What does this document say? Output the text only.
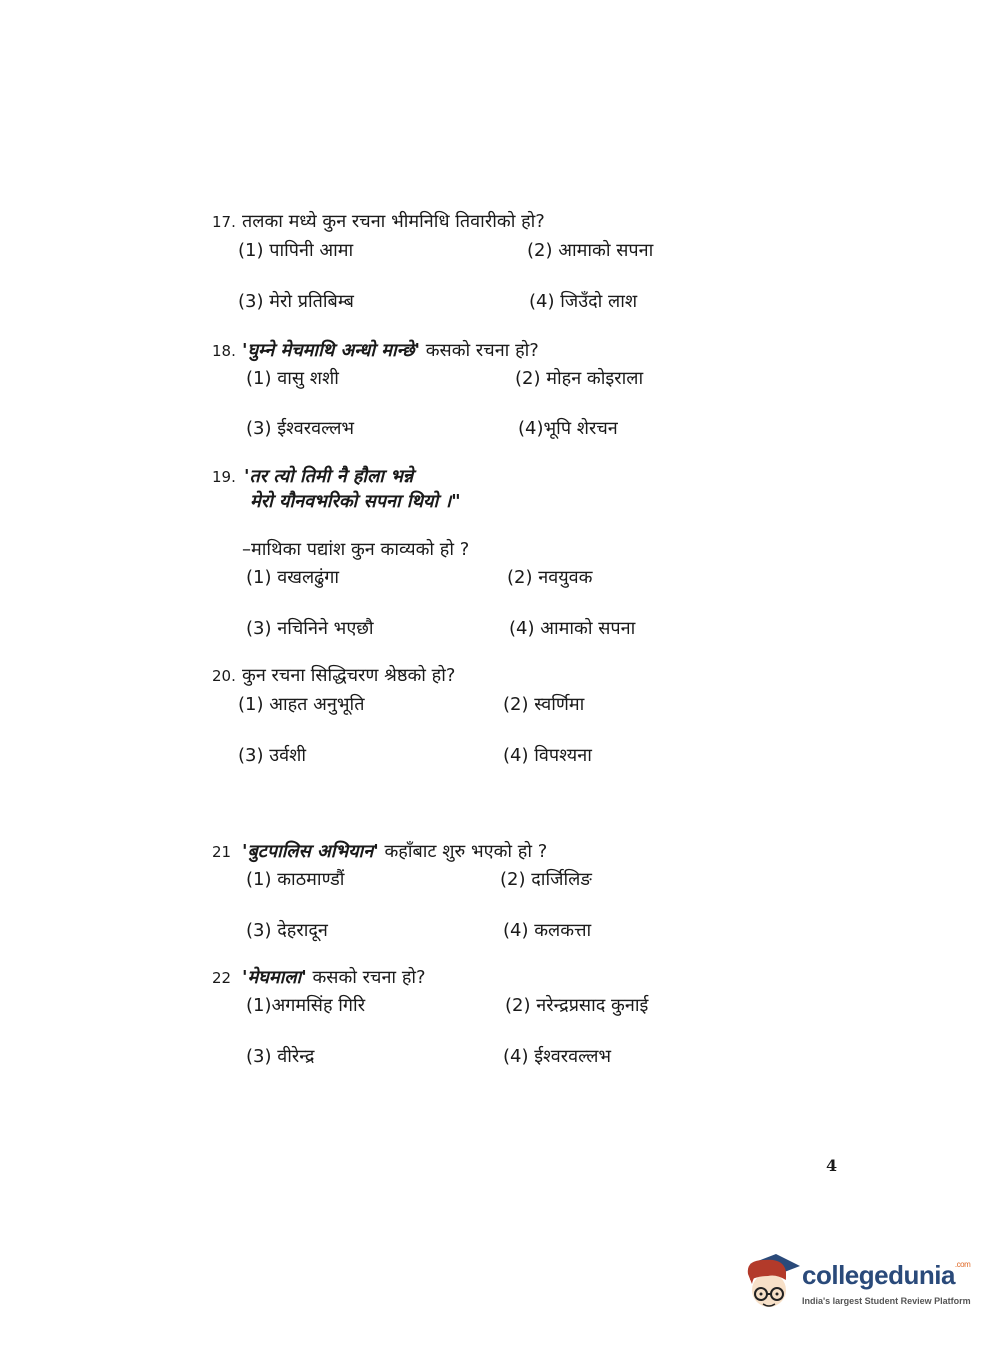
17. तलका मध्ये कुन रचना भीमनिधि तिवारीको हो?
(1) पापिनी आमा	(2) आमाको सपना
(3) मेरो प्रतिबिम्ब	(4) जिउँदो लाश
18. 'घुम्ने मेचमाथि अन्धो मान्छे' कसको रचना हो?
(1) वासु शशी	(2) मोहन कोइराला
(3) ईश्वरवल्लभ	(4)भूपि शेरचन
19. 'तर त्यो तिमी नै हौला भन्ने
मेरो यौनवभरिको सपना थियो ।"
–माथिका पद्यांश कुन काव्यको हो ?
(1) वखलढुंगा	(2) नवयुवक
(3) नचिनिने भएछौ	(4) आमाको सपना
20. कुन रचना सिद्धिचरण श्रेष्ठको हो?
(1) आहत अनुभूति	(2) स्वर्णिमा
(3) उर्वशी	(4) विपश्यना
21 'बुटपालिस अभियान' कहाँबाट शुरु भएको हो ?
(1) काठमाण्डौं	(2) दार्जिलिङ
(3) देहरादून	(4) कलकत्ता
22 'मेघमाला' कसको रचना हो?
(1)अगमसिंह गिरि	(2) नरेन्द्रप्रसाद कुनाई
(3) वीरेन्द्र	(4) ईश्वरवल्लभ
4
collegedunia$^{.com}$
India's largest Student Review Platform
